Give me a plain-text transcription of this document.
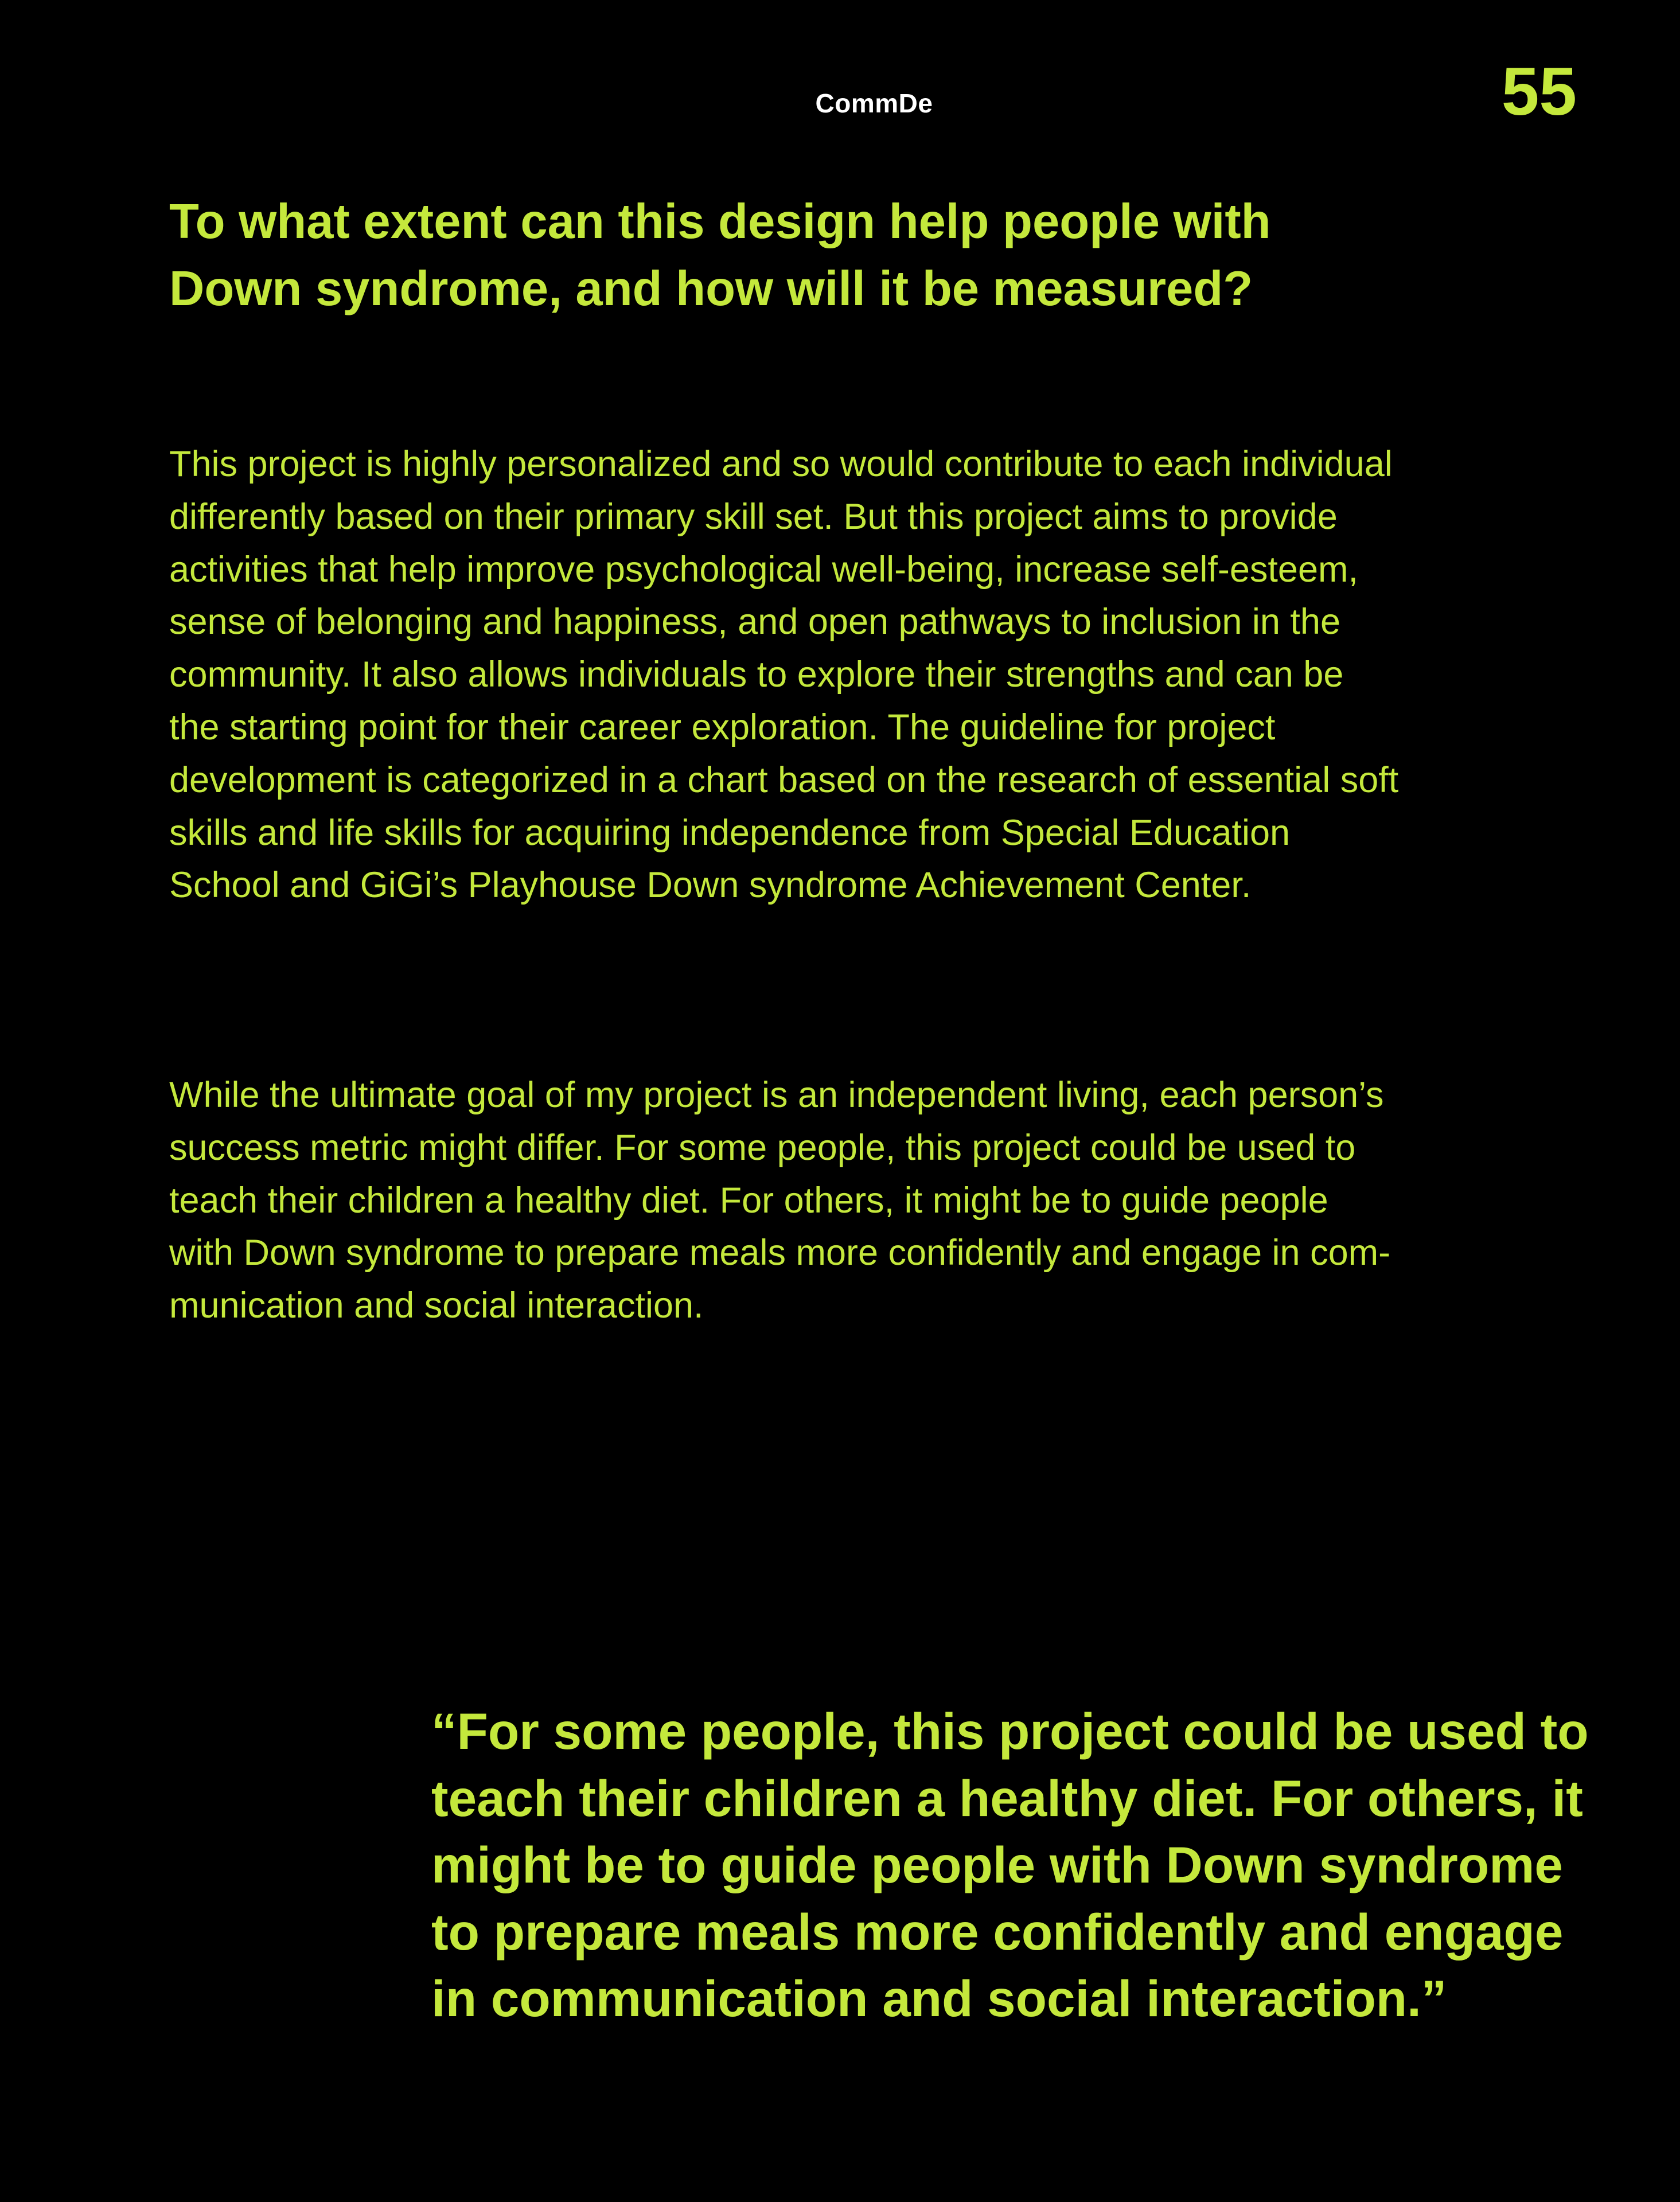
CommDe	55
To what extent can this design help people with Down syndrome, and how will it be measured?

This project is highly personalized and so would contribute to each individual differently based on their primary skill set. But this project aims to provide activities that help improve psychological well-being, increase self-esteem, sense of belonging and happiness, and open pathways to inclusion in the community. It also allows individuals to explore their strengths and can be the starting point for their career exploration. The guideline for project development is categorized in a chart based on the research of essential soft skills and life skills for acquiring independence from Special Education School and GiGi’s Playhouse Down syndrome Achievement Center.

While the ultimate goal of my project is an independent living, each person’s success metric might differ. For some people, this project could be used to teach their children a healthy diet. For others, it might be to guide people with Down syndrome to prepare meals more confidently and engage in communication and social interaction.

“For some people, this project could be used to teach their children a healthy diet. For others, it might be to guide people with Down syndrome to prepare meals more confidently and engage in communication and social interaction.”
